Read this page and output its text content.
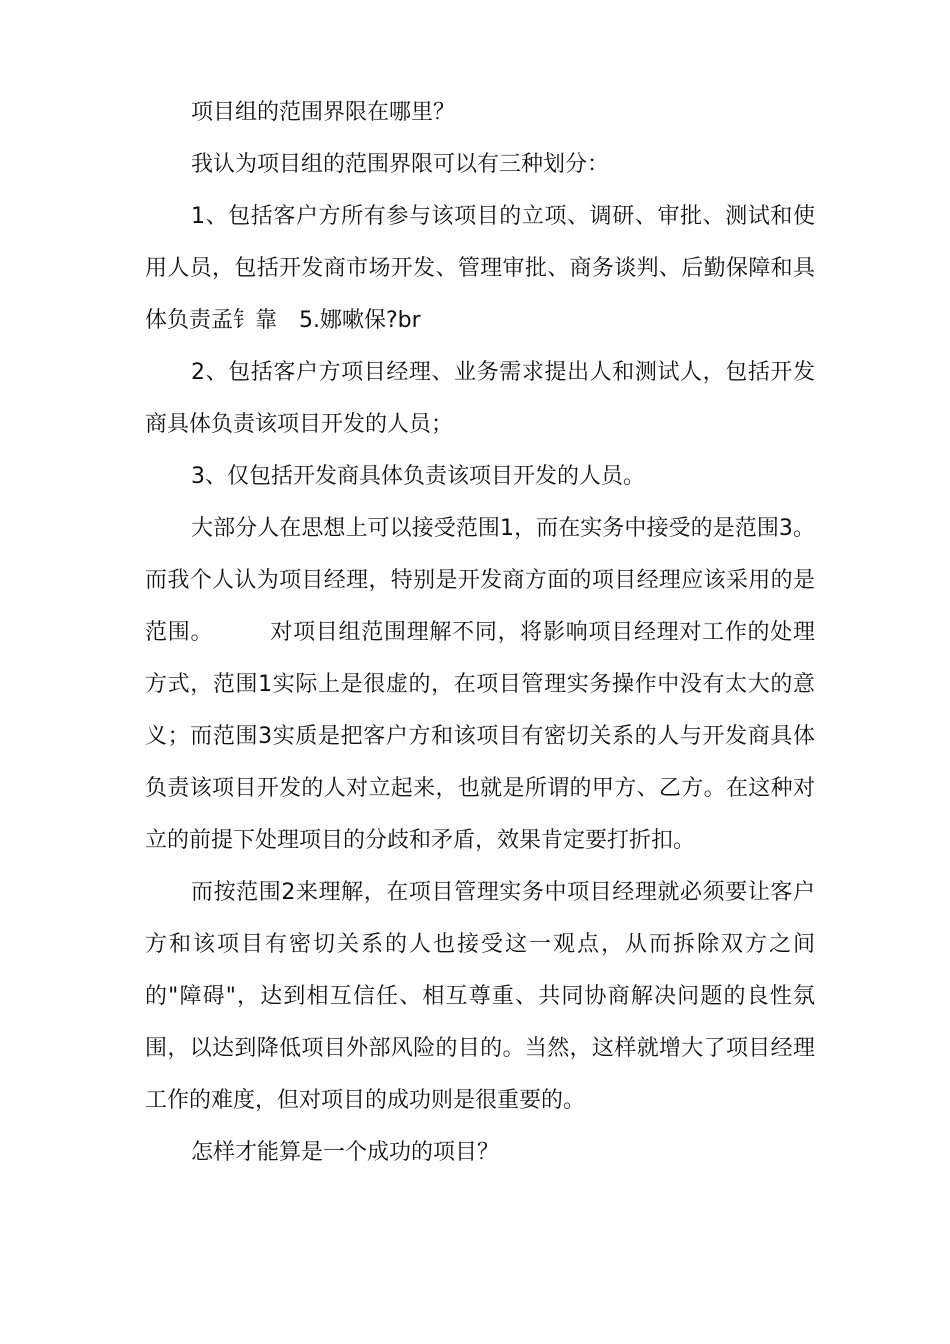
项目组的范围界限在哪里？

我认为项目组的范围界限可以有三种划分：

1、包括客户方所有参与该项目的立项、调研、审批、测试和使用人员，包括开发商市场开发、管理审批、商务谈判、后勤保障和具体负责孟钅靠　5.娜嗽保?br

2、包括客户方项目经理、业务需求提出人和测试人，包括开发商具体负责该项目开发的人员；

3、仅包括开发商具体负责该项目开发的人员。

大部分人在思想上可以接受范围1，而在实务中接受的是范围3。而我个人认为项目经理，特别是开发商方面的项目经理应该采用的是范围。　　　对项目组范围理解不同，将影响项目经理对工作的处理方式，范围1实际上是很虚的，在项目管理实务操作中没有太大的意义；而范围3实质是把客户方和该项目有密切关系的人与开发商具体负责该项目开发的人对立起来，也就是所谓的甲方、乙方。在这种对立的前提下处理项目的分歧和矛盾，效果肯定要打折扣。

而按范围2来理解，在项目管理实务中项目经理就必须要让客户方和该项目有密切关系的人也接受这一观点，从而拆除双方之间的"障碍"，达到相互信任、相互尊重、共同协商解决问题的良性氛围，以达到降低项目外部风险的目的。当然，这样就增大了项目经理工作的难度，但对项目的成功则是很重要的。

怎样才能算是一个成功的项目？
